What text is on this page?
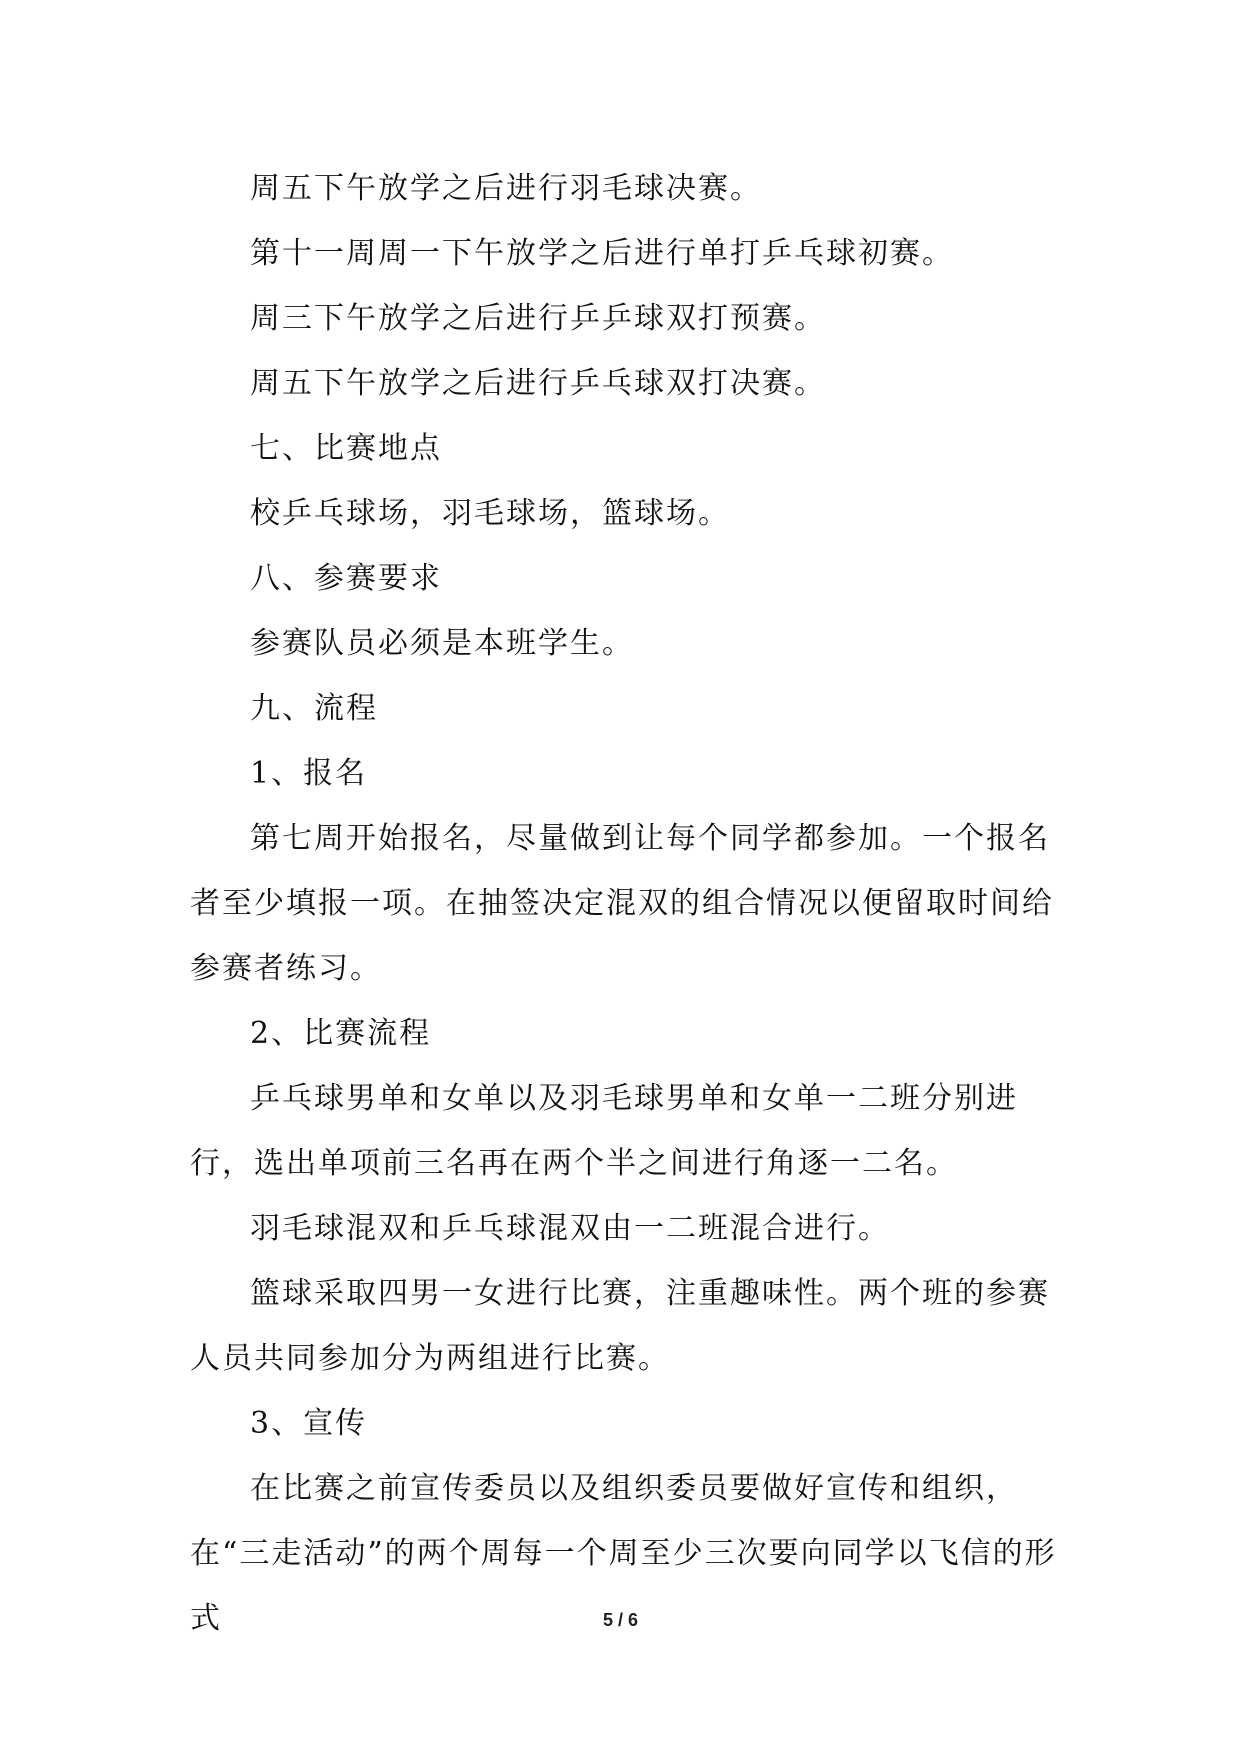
周五下午放学之后进行羽毛球决赛。

第十一周周一下午放学之后进行单打乒乓球初赛。

周三下午放学之后进行乒乒球双打预赛。

周五下午放学之后进行乒乓球双打决赛。

七、比赛地点

校乒乓球场，羽毛球场，篮球场。

八、参赛要求

参赛队员必须是本班学生。

九、流程

1、报名

第七周开始报名，尽量做到让每个同学都参加。一个报名者至少填报一项。在抽签决定混双的组合情况以便留取时间给参赛者练习。

2、比赛流程

乒乓球男单和女单以及羽毛球男单和女单一二班分别进行，选出单项前三名再在两个半之间进行角逐一二名。

羽毛球混双和乒乓球混双由一二班混合进行。

篮球采取四男一女进行比赛，注重趣味性。两个班的参赛人员共同参加分为两组进行比赛。

3、宣传

在比赛之前宣传委员以及组织委员要做好宣传和组织，在“三走活动”的两个周每一个周至少三次要向同学以飞信的形式	5 / 6
